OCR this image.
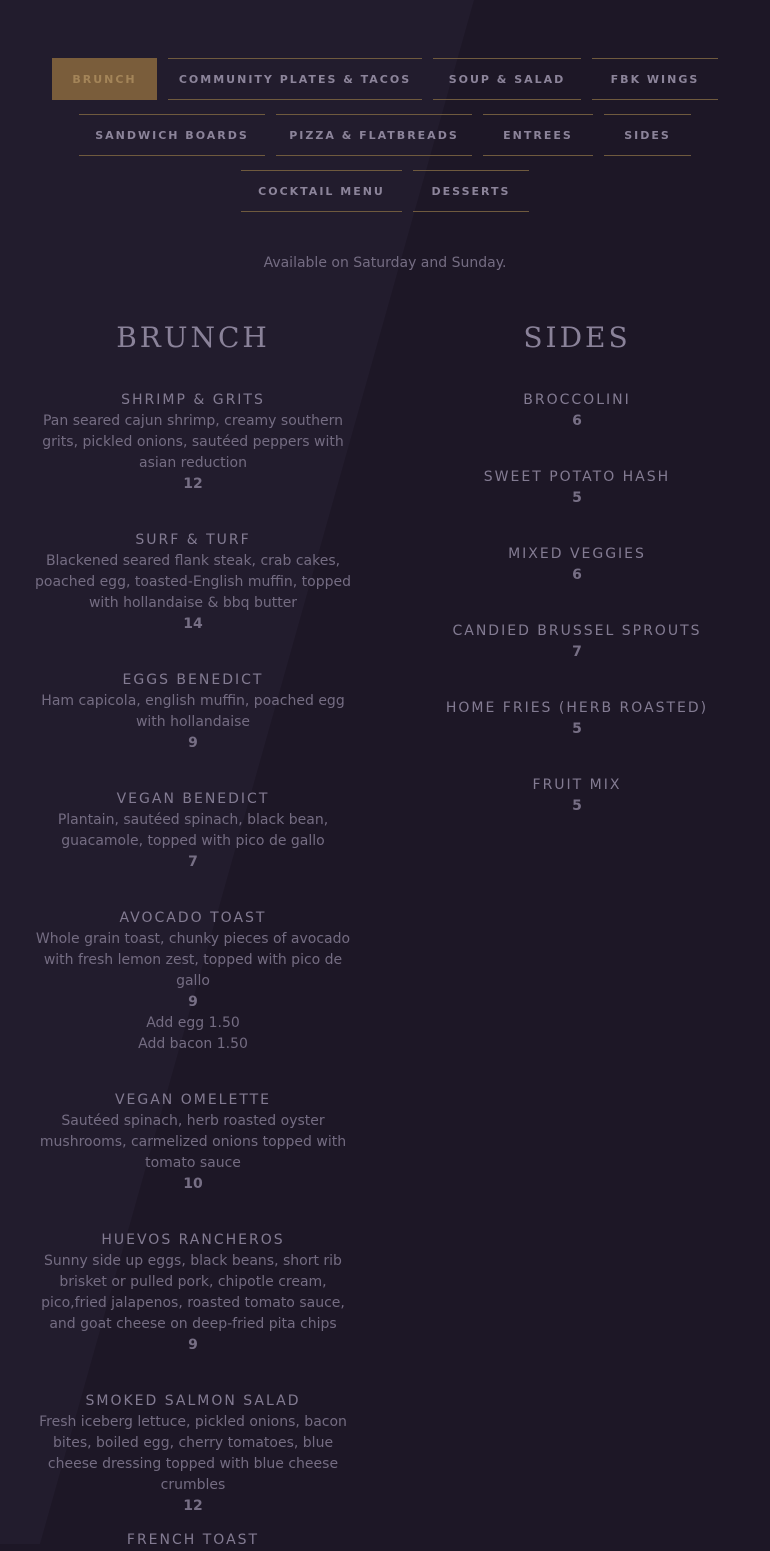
BRUNCH	COMMUNITY PLATES & TACOS	SOUP & SALAD	FBK WINGS
SANDWICH BOARDS	PIZZA & FLATBREADS	ENTREES	SIDES
COCKTAIL MENU	DESSERTS
Available on Saturday and Sunday.
BRUNCH	SIDES
SHRIMP & GRITS
Pan seared cajun shrimp, creamy southern grits, pickled onions, sautéed peppers with asian reduction
12
SURF & TURF
Blackened seared flank steak, crab cakes, poached egg, toasted-English muffin, topped with hollandaise & bbq butter
14
EGGS BENEDICT
Ham capicola, english muffin, poached egg with hollandaise
9
VEGAN BENEDICT
Plantain, sautéed spinach, black bean, guacamole, topped with pico de gallo
7
AVOCADO TOAST
Whole grain toast, chunky pieces of avocado with fresh lemon zest, topped with pico de gallo
9
Add egg 1.50
Add bacon 1.50
VEGAN OMELETTE
Sautéed spinach, herb roasted oyster mushrooms, carmelized onions topped with tomato sauce
10
HUEVOS RANCHEROS
Sunny side up eggs, black beans, short rib brisket or pulled pork, chipotle cream, pico,fried jalapenos, roasted tomato sauce, and goat cheese on deep-fried pita chips
9
SMOKED SALMON SALAD
Fresh iceberg lettuce, pickled onions, bacon bites, boiled egg, cherry tomatoes, blue cheese dressing topped with blue cheese crumbles
12
FRENCH TOAST
BROCCOLINI
6
SWEET POTATO HASH
5
MIXED VEGGIES
6
CANDIED BRUSSEL SPROUTS
7
HOME FRIES (HERB ROASTED)
5
FRUIT MIX
5
